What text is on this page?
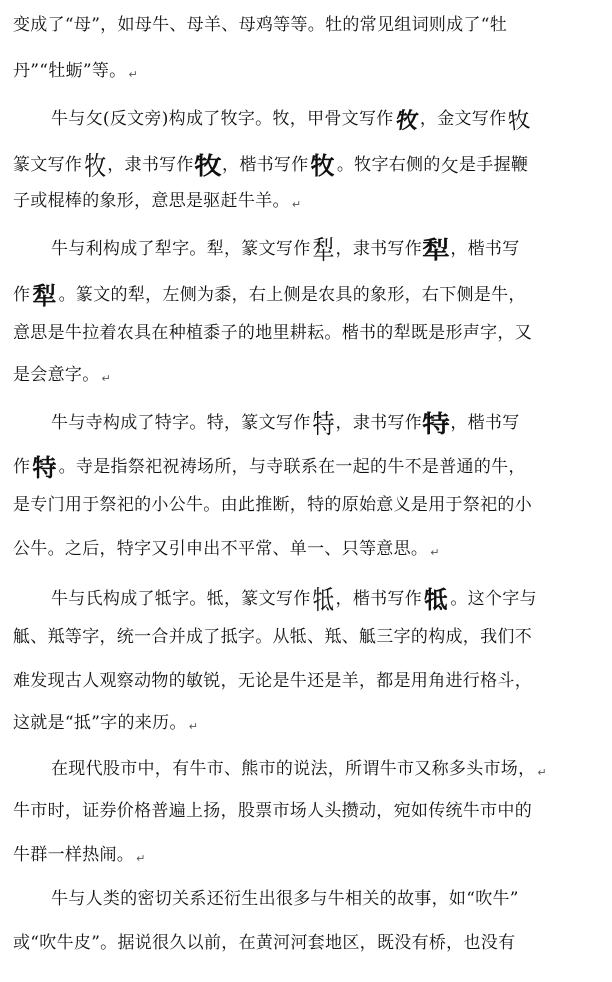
变成了“母”，如母牛、母羊、母鸡等等。牡的常见组词则成了“牡
丹”“牡蛎”等。 ↵
牛与攵(反文旁)构成了牧字。牧，甲骨文写作牧，金文写作牧
篆文写作牧 ，隶书写作牧，楷书写作牧 。牧字右侧的攵是手握鞭
子或棍棒的象形，意思是驱赶牛羊。 ↵
牛与利构成了犁字。犁，篆文写作犁 ，隶书写作犁，楷书写
作犁 。篆文的犁，左侧为黍，右上侧是农具的象形，右下侧是牛，
意思是牛拉着农具在种植黍子的地里耕耘。楷书的犁既是形声字，又
是会意字。 ↵
牛与寺构成了特字。特，篆文写作特 ，隶书写作特，楷书写
作特 。寺是指祭祀祝祷场所，与寺联系在一起的牛不是普通的牛，
是专门用于祭祀的小公牛。由此推断，特的原始意义是用于祭祀的小
公牛。之后，特字又引申出不平常、单一、只等意思。 ↵
牛与氏构成了牴字。牴，篆文写作牴 ，楷书写作牴 。这个字与
觝、羝等字，统一合并成了抵字。从牴、羝、觝三字的构成，我们不
难发现古人观察动物的敏锐，无论是牛还是羊，都是用角进行格斗，
这就是“抵”字的来历。 ↵
在现代股市中，有牛市、熊市的说法，所谓牛市又称多头市场， ↵
牛市时，证券价格普遍上扬，股票市场人头攒动，宛如传统牛市中的
牛群一样热闹。 ↵
牛与人类的密切关系还衍生出很多与牛相关的故事，如“吹牛”
或“吹牛皮”。据说很久以前，在黄河河套地区，既没有桥，也没有
